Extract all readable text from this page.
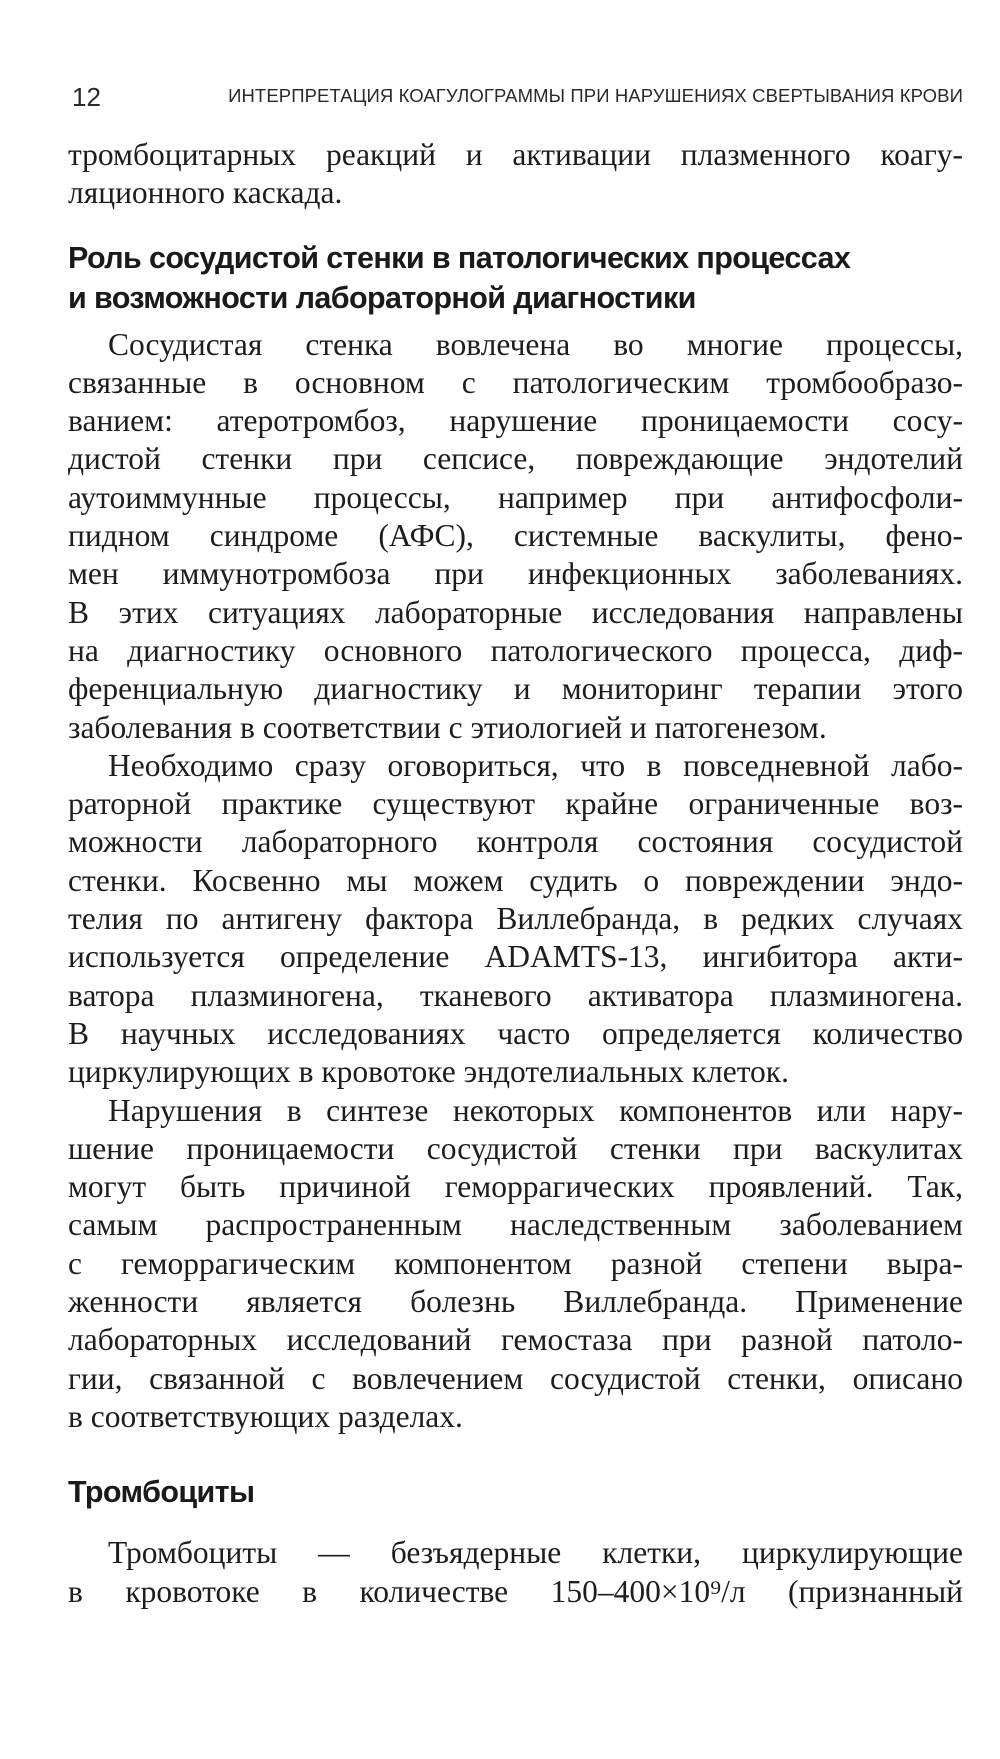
12	ИНТЕРПРЕТАЦИЯ КОАГУЛОГРАММЫ ПРИ НАРУШЕНИЯХ СВЕРТЫВАНИЯ КРОВИ
тромбоцитарных реакций и активации плазменного коагу-
ляционного каскада.
Роль сосудистой стенки в патологических процессах
и возможности лабораторной диагностики
Сосудистая стенка вовлечена во многие процессы,
связанные в основном с патологическим тромбообразо-
ванием: атеротромбоз, нарушение проницаемости сосу-
дистой стенки при сепсисе, повреждающие эндотелий
аутоиммунные процессы, например при антифосфоли-
пидном синдроме (АФС), системные васкулиты, фено-
мен иммунотромбоза при инфекционных заболеваниях.
В этих ситуациях лабораторные исследования направлены
на диагностику основного патологического процесса, диф-
ференциальную диагностику и мониторинг терапии этого
заболевания в соответствии с этиологией и патогенезом.
Необходимо сразу оговориться, что в повседневной лабо-
раторной практике существуют крайне ограниченные воз-
можности лабораторного контроля состояния сосудистой
стенки. Косвенно мы можем судить о повреждении эндо-
телия по антигену фактора Виллебранда, в редких случаях
используется определение ADAMTS-13, ингибитора акти-
ватора плазминогена, тканевого активатора плазминогена.
В научных исследованиях часто определяется количество
циркулирующих в кровотоке эндотелиальных клеток.
Нарушения в синтезе некоторых компонентов или нару-
шение проницаемости сосудистой стенки при васкулитах
могут быть причиной геморрагических проявлений. Так,
самым распространенным наследственным заболеванием
с геморрагическим компонентом разной степени выра-
женности является болезнь Виллебранда. Применение
лабораторных исследований гемостаза при разной патоло-
гии, связанной с вовлечением сосудистой стенки, описано
в соответствующих разделах.
Тромбоциты
Тромбоциты — безъядерные клетки, циркулирующие
в кровотоке в количестве 150–400×10⁹/л (признанный
